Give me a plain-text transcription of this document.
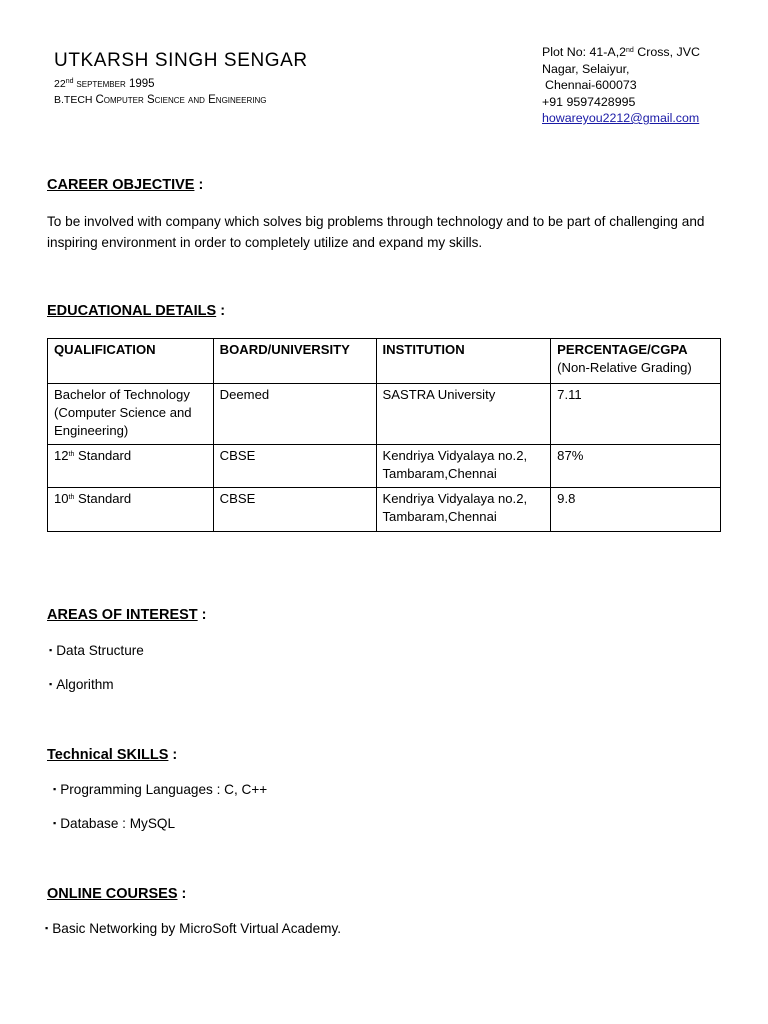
UTKARSH SINGH SENGAR
22nd september 1995
B.TECH Computer Science and Engineering
Plot No: 41-A,2nd Cross, JVC
Nagar, Selaiyur,
Chennai-600073
+91 9597428995
howareyou2212@gmail.com
CAREER OBJECTIVE :
To be involved with company which solves big problems through technology and to be part of challenging and inspiring environment in order to completely utilize and expand my skills.
EDUCATIONAL DETAILS :
QUALIFICATION	BOARD/UNIVERSITY	INSTITUTION	PERCENTAGE/CGPA
(Non-Relative Grading)

Bachelor of Technology (Computer Science and Engineering)	Deemed	SASTRA University	7.11
12th Standard	CBSE	Kendriya Vidyalaya no.2, Tambaram,Chennai	87%
10th Standard	CBSE	Kendriya Vidyalaya no.2, Tambaram,Chennai	9.8
AREAS OF INTEREST :
▪ Data Structure
▪ Algorithm
Technical SKILLS :
▪ Programming Languages : C, C++
▪ Database : MySQL
ONLINE COURSES :
▪ Basic Networking by MicroSoft Virtual Academy.
